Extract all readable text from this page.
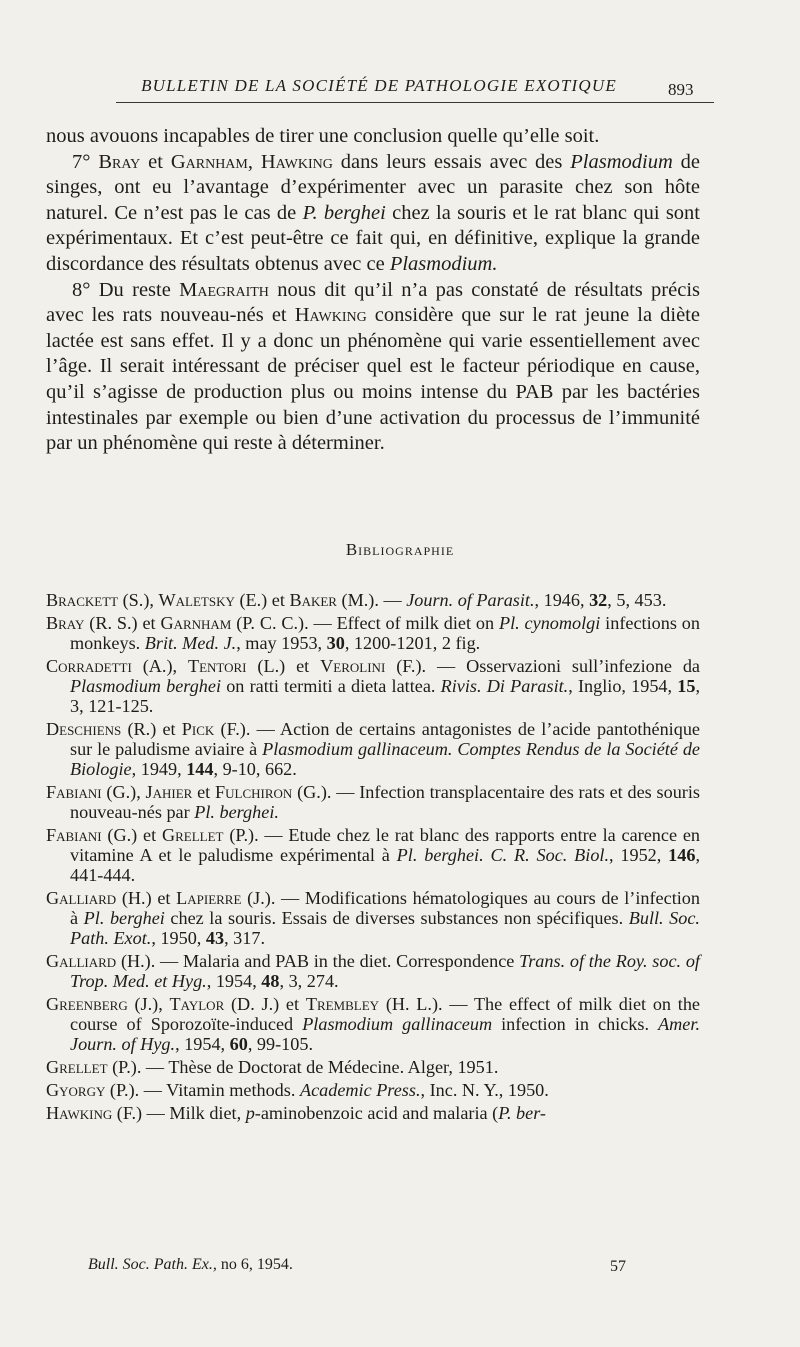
BULLETIN DE LA SOCIÉTÉ DE PATHOLOGIE EXOTIQUE	893

nous avouons incapables de tirer une conclusion quelle qu’elle soit.

7° Bray et Garnham, Hawking dans leurs essais avec des Plasmodium de singes, ont eu l’avantage d’expérimenter avec un parasite chez son hôte naturel. Ce n’est pas le cas de P. berghei chez la souris et le rat blanc qui sont expérimentaux. Et c’est peut-être ce fait qui, en définitive, explique la grande discordance des résultats obtenus avec ce Plasmodium.

8° Du reste Maegraith nous dit qu’il n’a pas constaté de résultats précis avec les rats nouveau-nés et Hawking considère que sur le rat jeune la diète lactée est sans effet. Il y a donc un phénomène qui varie essentiellement avec l’âge. Il serait intéressant de préciser quel est le facteur périodique en cause, qu’il s’agisse de production plus ou moins intense du PAB par les bactéries intestinales par exemple ou bien d’une activation du processus de l’immunité par un phénomène qui reste à déterminer.

Bibliographie

Brackett (S.), Waletsky (E.) et Baker (M.). — Journ. of Parasit., 1946, 32, 5, 453.

Bray (R. S.) et Garnham (P. C. C.). — Effect of milk diet on Pl. cynomolgi infections on monkeys. Brit. Med. J., may 1953, 30, 1200-1201, 2 fig.

Corradetti (A.), Tentori (L.) et Verolini (F.). — Osservazioni sull’infezione da Plasmodium berghei on ratti termiti a dieta lattea. Rivis. Di Parasit., Inglio, 1954, 15, 3, 121-125.

Deschiens (R.) et Pick (F.). — Action de certains antagonistes de l’acide pantothénique sur le paludisme aviaire à Plasmodium gallinaceum. Comptes Rendus de la Société de Biologie, 1949, 144, 9-10, 662.

Fabiani (G.), Jahier et Fulchiron (G.). — Infection transplacentaire des rats et des souris nouveau-nés par Pl. berghei.

Fabiani (G.) et Grellet (P.). — Etude chez le rat blanc des rapports entre la carence en vitamine A et le paludisme expérimental à Pl. berghei. C. R. Soc. Biol., 1952, 146, 441-444.

Galliard (H.) et Lapierre (J.). — Modifications hématologiques au cours de l’infection à Pl. berghei chez la souris. Essais de diverses substances non spécifiques. Bull. Soc. Path. Exot., 1950, 43, 317.

Galliard (H.). — Malaria and PAB in the diet. Correspondence Trans. of the Roy. soc. of Trop. Med. et Hyg., 1954, 48, 3, 274.

Greenberg (J.), Taylor (D. J.) et Trembley (H. L.). — The effect of milk diet on the course of Sporozoïte-induced Plasmodium gallinaceum infection in chicks. Amer. Journ. of Hyg., 1954, 60, 99-105.

Grellet (P.). — Thèse de Doctorat de Médecine. Alger, 1951.

Gyorgy (P.). — Vitamin methods. Academic Press., Inc. N. Y., 1950.

Hawking (F.) — Milk diet, p-aminobenzoic acid and malaria (P. ber-

Bull. Soc. Path. Ex., no 6, 1954.	57
